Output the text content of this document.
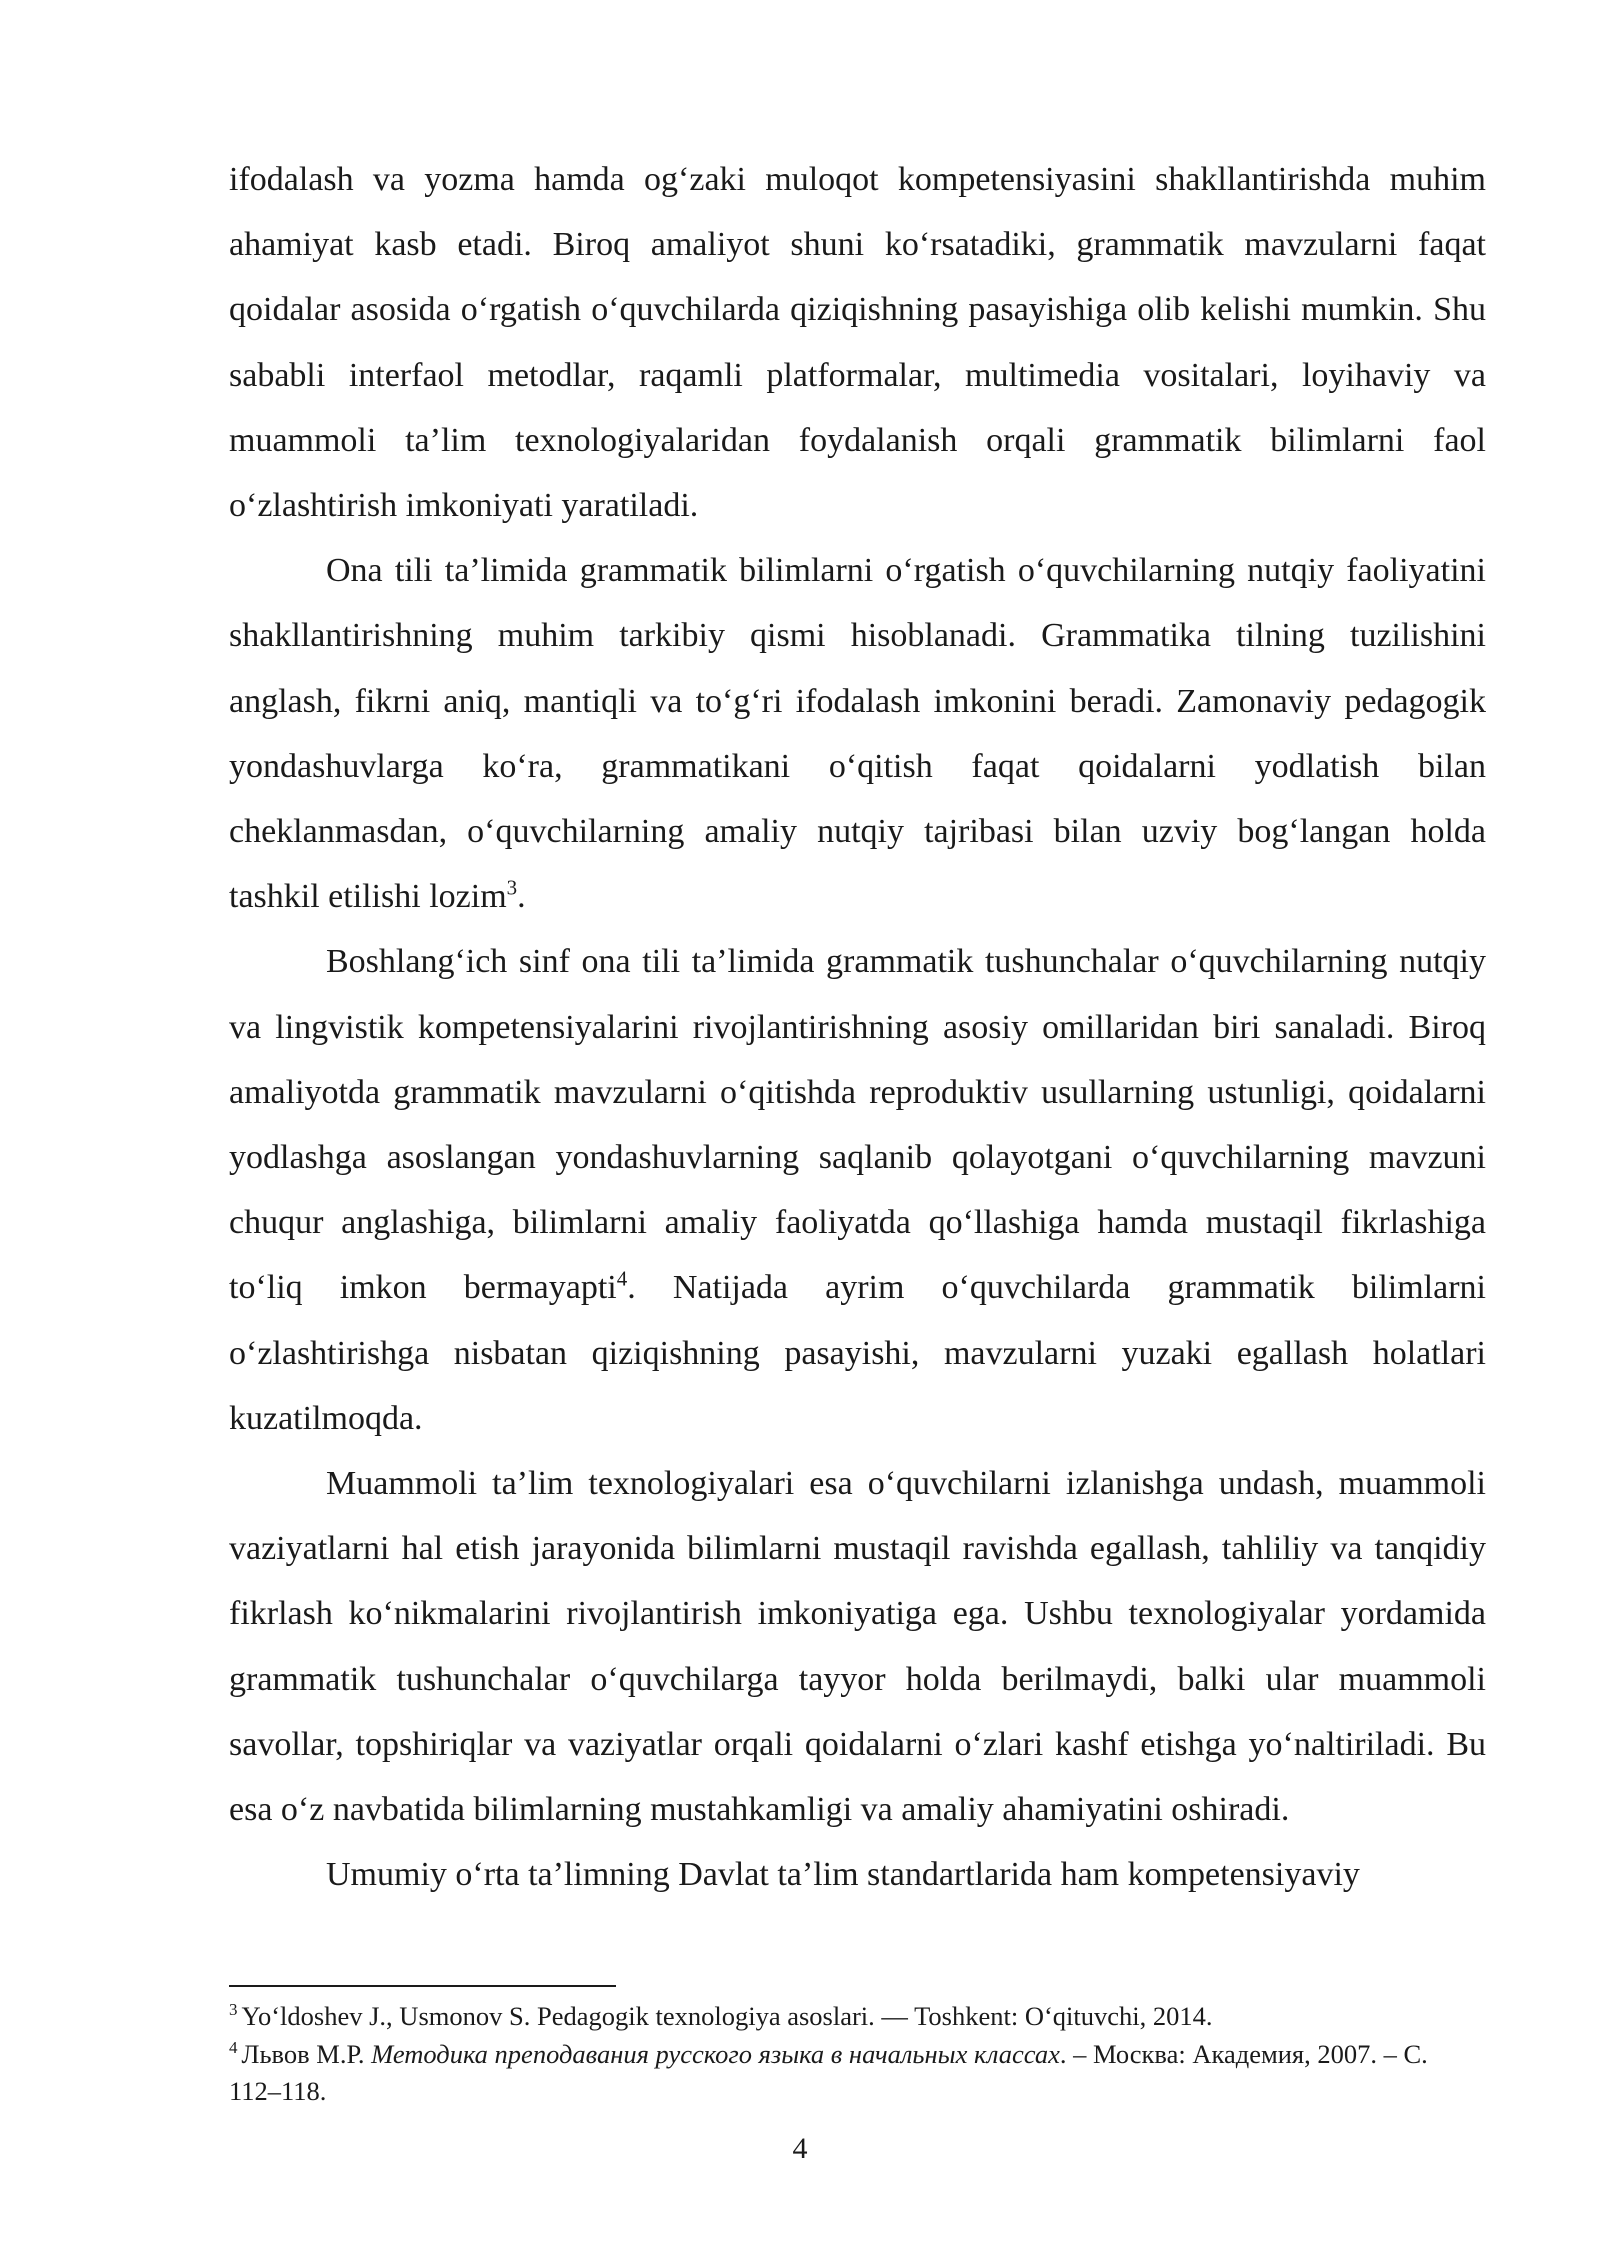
ifodalash va yozma hamda og‘zaki muloqot kompetensiyasini shakllantirishda muhim ahamiyat kasb etadi. Biroq amaliyot shuni ko‘rsatadiki, grammatik mavzularni faqat qoidalar asosida o‘rgatish o‘quvchilarda qiziqishning pasayishiga olib kelishi mumkin. Shu sababli interfaol metodlar, raqamli platformalar, multimedia vositalari, loyihaviy va muammoli ta’lim texnologiyalaridan foydalanish orqali grammatik bilimlarni faol o‘zlashtirish imkoniyati yaratiladi.

Ona tili ta’limida grammatik bilimlarni o‘rgatish o‘quvchilarning nutqiy faoliyatini shakllantirishning muhim tarkibiy qismi hisoblanadi. Grammatika tilning tuzilishini anglash, fikrni aniq, mantiqli va to‘g‘ri ifodalash imkonini beradi. Zamonaviy pedagogik yondashuvlarga ko‘ra, grammatikani o‘qitish faqat qoidalarni yodlatish bilan cheklanmasdan, o‘quvchilarning amaliy nutqiy tajribasi bilan uzviy bog‘langan holda tashkil etilishi lozim$^3$.

Boshlang‘ich sinf ona tili ta’limida grammatik tushunchalar o‘quvchilarning nutqiy va lingvistik kompetensiyalarini rivojlantirishning asosiy omillaridan biri sanaladi. Biroq amaliyotda grammatik mavzularni o‘qitishda reproduktiv usullarning ustunligi, qoidalarni yodlashga asoslangan yondashuvlarning saqlanib qolayotgani o‘quvchilarning mavzuni chuqur anglashiga, bilimlarni amaliy faoliyatda qo‘llashiga hamda mustaqil fikrlashiga to‘liq imkon bermayapti$^4$. Natijada ayrim o‘quvchilarda grammatik bilimlarni o‘zlashtirishga nisbatan qiziqishning pasayishi, mavzularni yuzaki egallash holatlari kuzatilmoqda.

Muammoli ta’lim texnologiyalari esa o‘quvchilarni izlanishga undash, muammoli vaziyatlarni hal etish jarayonida bilimlarni mustaqil ravishda egallash, tahliliy va tanqidiy fikrlash ko‘nikmalarini rivojlantirish imkoniyatiga ega. Ushbu texnologiyalar yordamida grammatik tushunchalar o‘quvchilarga tayyor holda berilmaydi, balki ular muammoli savollar, topshiriqlar va vaziyatlar orqali qoidalarni o‘zlari kashf etishga yo‘naltiriladi. Bu esa o‘z navbatida bilimlarning mustahkamligi va amaliy ahamiyatini oshiradi.

Umumiy o‘rta ta’limning Davlat ta’lim standartlarida ham kompetensiyaviy

$^3$ Yo‘ldoshev J., Usmonov S. Pedagogik texnologiya asoslari. — Toshkent: O‘qituvchi, 2014.

$^4$ Львов М.Р. Методика преподавания русского языка в начальных классах. – Москва: Академия, 2007. – С. 112–118.

4
